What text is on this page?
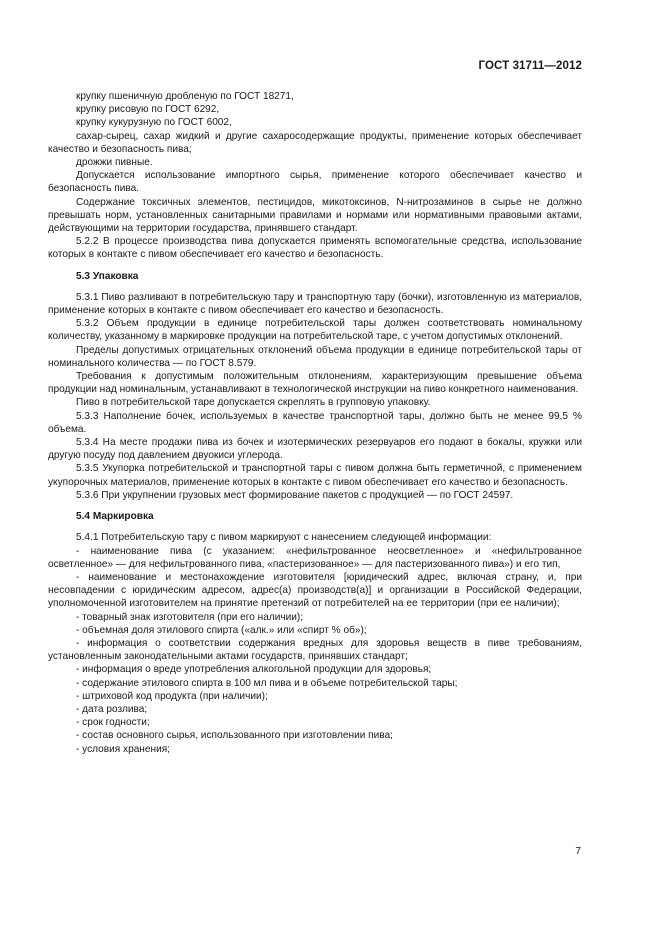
ГОСТ 31711—2012

крупку пшеничную дробленую по ГОСТ 18271,

крупку рисовую по ГОСТ 6292,

крупку кукурузную по ГОСТ 6002,

сахар-сырец, сахар жидкий и другие сахаросодержащие продукты, применение которых обеспечивает качество и безопасность пива;

дрожжи пивные.

Допускается использование импортного сырья, применение которого обеспечивает качество и безопасность пива.

Содержание токсичных элементов, пестицидов, микотоксинов, N-нитрозаминов в сырье не должно превышать норм, установленных санитарными правилами и нормами или нормативными правовыми актами, действующими на территории государства, принявшего стандарт.

5.2.2 В процессе производства пива допускается применять вспомогательные средства, использование которых в контакте с пивом обеспечивает его качество и безопасность.

5.3 Упаковка

5.3.1 Пиво разливают в потребительскую тару и транспортную тару (бочки), изготовленную из материалов, применение которых в контакте с пивом обеспечивает его качество и безопасность.

5.3.2 Объем продукции в единице потребительской тары должен соответствовать номинальному количеству, указанному в маркировке продукции на потребительской таре, с учетом допустимых отклонений.

Пределы допустимых отрицательных отклонений объема продукции в единице потребительской тары от номинального количества — по ГОСТ 8.579.

Требования к допустимым положительным отклонениям, характеризующим превышение объема продукции над номинальным, устанавливают в технологической инструкции на пиво конкретного наименования.

Пиво в потребительской таре допускается скреплять в групповую упаковку.

5.3.3 Наполнение бочек, используемых в качестве транспортной тары, должно быть не менее 99,5 % объема.

5.3.4 На месте продажи пива из бочек и изотермических резервуаров его подают в бокалы, кружки или другую посуду под давлением двуокиси углерода.

5.3.5 Укупорка потребительской и транспортной тары с пивом должна быть герметичной, с применением укупорочных материалов, применение которых в контакте с пивом обеспечивает его качество и безопасность.

5.3.6 При укрупнении грузовых мест формирование пакетов с продукцией — по ГОСТ 24597.

5.4 Маркировка

5.4.1 Потребительскую тару с пивом маркируют с нанесением следующей информации:

- наименование пива (с указанием: «нефильтрованное неосветленное» и «нефильтрованное осветленное» — для нефильтрованного пива, «пастеризованное» — для пастеризованного пива») и его тип,

- наименование и местонахождение изготовителя [юридический адрес, включая страну, и, при несовпадении с юридическим адресом, адрес(а) производств(а)] и организации в Российской Федерации, уполномоченной изготовителем на принятие претензий от потребителей на ее территории (при ее наличии);

- товарный знак изготовителя (при его наличии);

- объемная доля этилового спирта («алк.» или «спирт % об»);

- информация о соответствии содержания вредных для здоровья веществ в пиве требованиям, установленным законодательными актами государств, принявших стандарт;

- информация о вреде употребления алкогольной продукции для здоровья;

- содержание этилового спирта в 100 мл пива и в объеме потребительской тары;

- штриховой код продукта (при наличии);

- дата розлива;

- срок годности;

- состав основного сырья, использованного при изготовлении пива;

- условия хранения;

7
